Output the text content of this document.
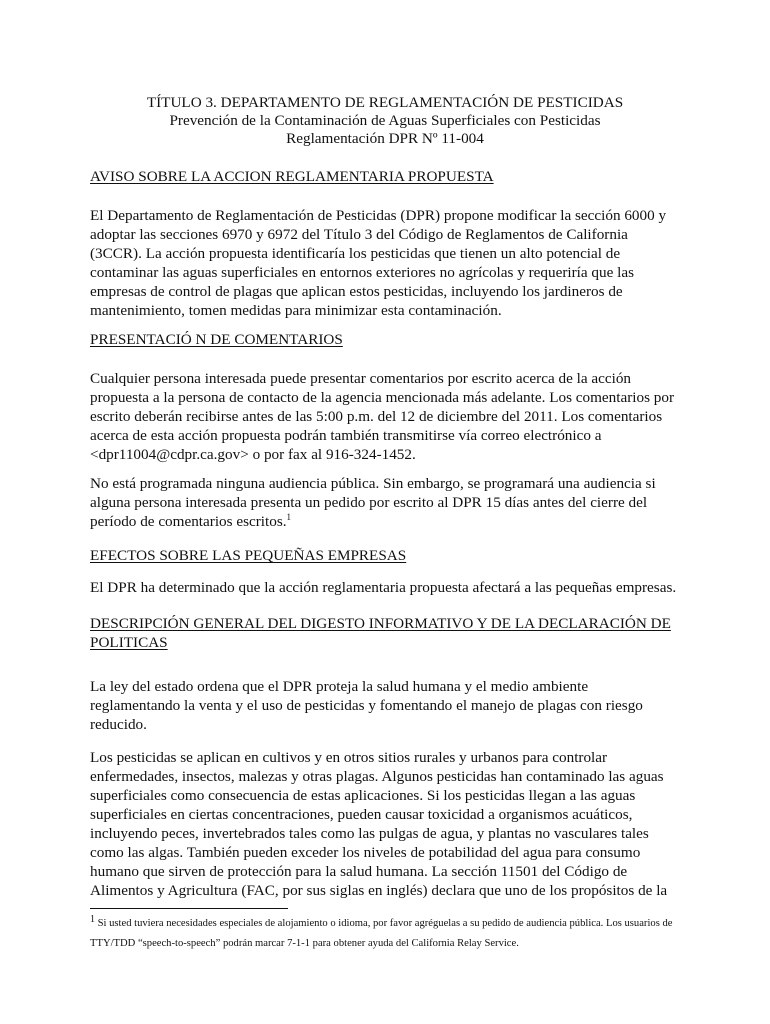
TÍTULO 3. DEPARTAMENTO DE REGLAMENTACIÓN DE PESTICIDAS
Prevención de la Contaminación de Aguas Superficiales con Pesticidas
Reglamentación DPR Nº 11-004
AVISO SOBRE LA ACCION REGLAMENTARIA PROPUESTA

El Departamento de Reglamentación de Pesticidas (DPR) propone modificar la sección 6000 y adoptar las secciones 6970 y 6972 del Título 3 del Código de Reglamentos de California (3CCR). La acción propuesta identificaría los pesticidas que tienen un alto potencial de contaminar las aguas superficiales en entornos exteriores no agrícolas y requeriría que las empresas de control de plagas que aplican estos pesticidas, incluyendo los jardineros de mantenimiento, tomen medidas para minimizar esta contaminación.

PRESENTACIÓ N DE COMENTARIOS

Cualquier persona interesada puede presentar comentarios por escrito acerca de la acción propuesta a la persona de contacto de la agencia mencionada más adelante. Los comentarios por escrito deberán recibirse antes de las 5:00 p.m. del 12 de diciembre del 2011. Los comentarios acerca de esta acción propuesta podrán también transmitirse vía correo electrónico a <dpr11004@cdpr.ca.gov> o por fax al 916-324-1452.

No está programada ninguna audiencia pública. Sin embargo, se programará una audiencia si alguna persona interesada presenta un pedido por escrito al DPR 15 días antes del cierre del período de comentarios escritos.$^1$

EFECTOS SOBRE LAS PEQUEÑAS EMPRESAS

El DPR ha determinado que la acción reglamentaria propuesta afectará a las pequeñas empresas.

DESCRIPCIÓN GENERAL DEL DIGESTO INFORMATIVO Y DE LA DECLARACIÓN DE POLITICAS

La ley del estado ordena que el DPR proteja la salud humana y el medio ambiente reglamentando la venta y el uso de pesticidas y fomentando el manejo de plagas con riesgo reducido.

Los pesticidas se aplican en cultivos y en otros sitios rurales y urbanos para controlar enfermedades, insectos, malezas y otras plagas. Algunos pesticidas han contaminado las aguas superficiales como consecuencia de estas aplicaciones. Si los pesticidas llegan a las aguas superficiales en ciertas concentraciones, pueden causar toxicidad a organismos acuáticos, incluyendo peces, invertebrados tales como las pulgas de agua, y plantas no vasculares tales como las algas. También pueden exceder los niveles de potabilidad del agua para consumo humano que sirven de protección para la salud humana. La sección 11501 del Código de Alimentos y Agricultura (FAC, por sus siglas en inglés) declara que uno de los propósitos de la

$^1$ Si usted tuviera necesidades especiales de alojamiento o idioma, por favor agréguelas a su pedido de audiencia pública. Los usuarios de TTY/TDD “speech-to-speech” podrán marcar 7-1-1 para obtener ayuda del California Relay Service.
